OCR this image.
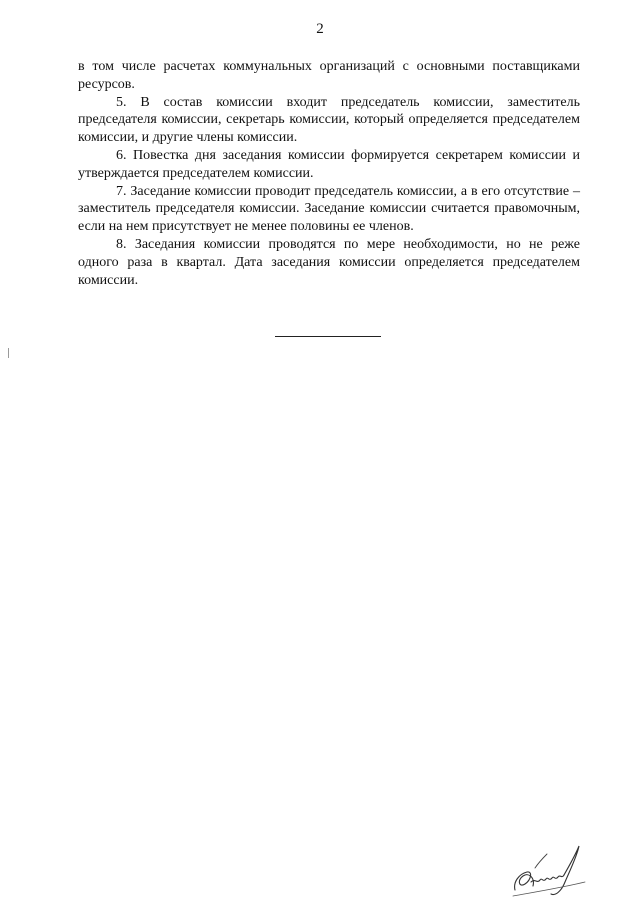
2

в том числе расчетах коммунальных организаций с основными поставщиками ресурсов.

5. В состав комиссии входит председатель комиссии, заместитель председателя комиссии, секретарь комиссии, который определяется председателем комиссии, и другие члены комиссии.

6. Повестка дня заседания комиссии формируется секретарем комиссии и утверждается председателем комиссии.

7. Заседание комиссии проводит председатель комиссии, а в его отсутствие – заместитель председателя комиссии. Заседание комиссии считается правомочным, если на нем присутствует не менее половины ее членов.

8. Заседания комиссии проводятся по мере необходимости, но не реже одного раза в квартал. Дата заседания комиссии определяется председателем комиссии.
